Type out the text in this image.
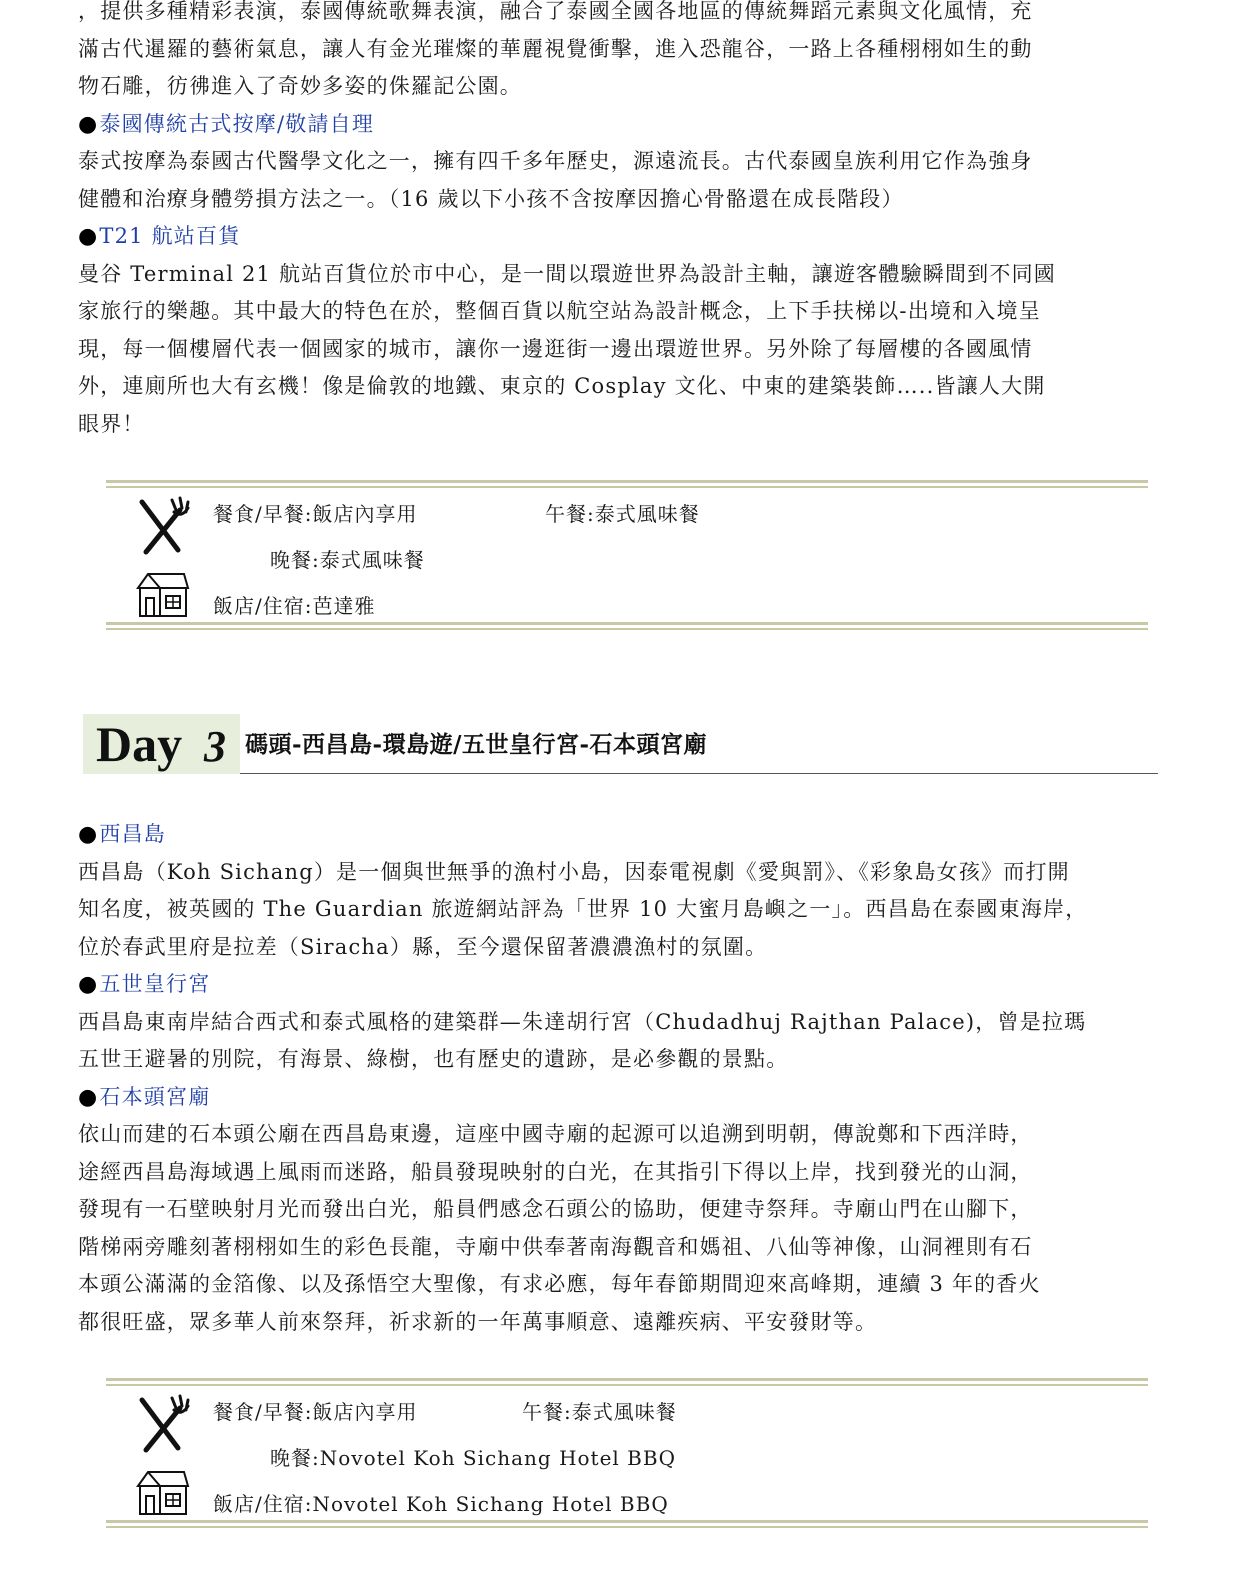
，提供多種精彩表演，泰國傳統歌舞表演，融合了泰國全國各地區的傳統舞蹈元素與文化風情，充

滿古代暹羅的藝術氣息，讓人有金光璀燦的華麗視覺衝擊，進入恐龍谷，一路上各種栩栩如生的動

物石雕，彷彿進入了奇妙多姿的侏羅記公園。

●泰國傳統古式按摩/敬請自理

泰式按摩為泰國古代醫學文化之一，擁有四千多年歷史，源遠流長。古代泰國皇族利用它作為強身

健體和治療身體勞損方法之一。（16 歲以下小孩不含按摩因擔心骨骼還在成長階段）

●T21 航站百貨

曼谷 Terminal 21 航站百貨位於市中心，是一間以環遊世界為設計主軸，讓遊客體驗瞬間到不同國

家旅行的樂趣。其中最大的特色在於，整個百貨以航空站為設計概念，上下手扶梯以-出境和入境呈

現，每一個樓層代表一個國家的城市，讓你一邊逛街一邊出環遊世界。另外除了每層樓的各國風情

外，連廁所也大有玄機！像是倫敦的地鐵、東京的 Cosplay 文化、中東的建築裝飾…..皆讓人大開

眼界！

餐食/早餐:飯店內享用	午餐:泰式風味餐

晚餐:泰式風味餐

飯店/住宿:芭達雅

Day 3 碼頭-西昌島-環島遊/五世皇行宮-石本頭宮廟

●西昌島

西昌島（Koh Sichang）是一個與世無爭的漁村小島，因泰電視劇《愛與罰》、《彩象島女孩》而打開

知名度，被英國的 The Guardian 旅遊網站評為「世界 10 大蜜月島嶼之一」。西昌島在泰國東海岸，

位於春武里府是拉差（Siracha）縣，至今還保留著濃濃漁村的氛圍。

●五世皇行宮

西昌島東南岸結合西式和泰式風格的建築群—朱達胡行宮（Chudadhuj Rajthan Palace)，曾是拉瑪

五世王避暑的別院，有海景、綠樹，也有歷史的遺跡，是必參觀的景點。

●石本頭宮廟

依山而建的石本頭公廟在西昌島東邊，這座中國寺廟的起源可以追溯到明朝，傳說鄭和下西洋時，

途經西昌島海域遇上風雨而迷路，船員發現映射的白光，在其指引下得以上岸，找到發光的山洞，

發現有一石壁映射月光而發出白光，船員們感念石頭公的協助，便建寺祭拜。寺廟山門在山腳下，

階梯兩旁雕刻著栩栩如生的彩色長龍，寺廟中供奉著南海觀音和媽祖、八仙等神像，山洞裡則有石

本頭公滿滿的金箔像、以及孫悟空大聖像，有求必應，每年春節期間迎來高峰期，連續 3 年的香火

都很旺盛，眾多華人前來祭拜，祈求新的一年萬事順意、遠離疾病、平安發財等。

餐食/早餐:飯店內享用	午餐:泰式風味餐

晚餐:Novotel Koh Sichang Hotel BBQ

飯店/住宿:Novotel Koh Sichang Hotel BBQ
